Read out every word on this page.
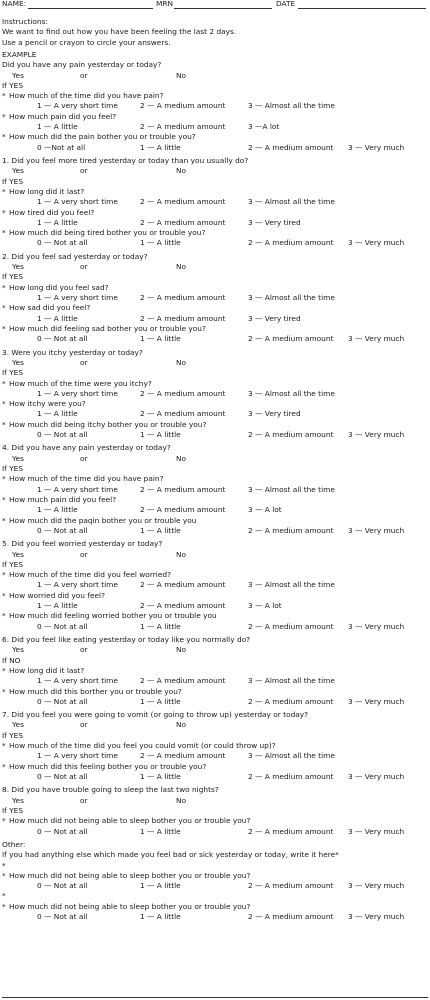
NAME:	MRN	DATE
Instructions:
We want to find out how you have been feeling the last 2 days.
Use a pencil or crayon to circle your answers.
EXAMPLE
Did you have any pain yesterday or today?
Yes	or	No
If YES
* How much of the time did you have pain?
1 — A very short time	2 — A medium amount	3 — Almost all the time
* How much pain did you feel?
1 — A little	2 — A medium amount	3 —A lot
* How much did the pain bother you or trouble you?
0 —Not at all	1 — A little	2 — A medium amount 3 — Very much
1. Did you feel more tired yesterday or today than you usually do?
Yes	or	No
If YES
* How long did it last?
1 — A very short time	2 — A medium amount	3 — Almost all the time
* How tired did you feel?
1 — A little	2 — A medium amount	3 — Very tired
* How much did being tired bother you or trouble you?
0 — Not at all	1 — A little	2 — A medium amount 3 — Very much
2. Did you feel sad yesterday or today?
Yes	or	No
If YES
* How long did you feel sad?
1 — A very short time	2 — A medium amount	3 — Almost all the time
* How sad did you feel?
1 — A little	2 — A medium amount	3 — Very tired
* How much did feeling sad bother you or trouble you?
0 — Not at all	1 — A little	2 — A medium amount 3 — Very much
3. Were you itchy yesterday or today?
Yes	or	No
If YES
* How much of the time were you itchy?
1 — A very short time	2 — A medium amount	3 — Almost all the time
* How itchy were you?
1 — A little	2 — A medium amount	3 — Very tired
* How much did being itchy bother you or trouble you?
0 — Not at all	1 — A little	2 — A medium amount 3 — Very much
4. Did you have any pain yesterday or today?
Yes	or	No
If YES
* How much of the time did you have pain?
1 — A very short time	2 — A medium amount	3 — Almost all the time
* How much pain did you feel?
1 — A little	2 — A medium amount	3 — A lot
* How much did the paqin bother you or trouble you
0 — Not at all	1 — A little	2 — A medium amount 3 — Very much
5. Did you feel worried yesterday or today?
Yes	or	No
If YES
* How much of the time did you feel worried?
1 — A very short time	2 — A medium amount	3 — Almost all the time
* How worried did you feel?
1 — A little	2 — A medium amount	3 — A lot
* How much did feeling worried bother you or trouble you
0 — Not at all	1 — A little	2 — A medium amount 3 — Very much
6. Did you feel like eating yesterday or today like you normally do?
Yes	or	No
If NO
* How long did it last?
1 — A very short time	2 — A medium amount	3 — Almost all the time
* How much did this borther you or trouble you?
0 — Not at all	1 — A little	2 — A medium amount 3 — Very much
7. Did you feel you were going to vomit (or going to throw up) yesterday or today?
Yes	or	No
If YES
* How much of the time did you feel you could vomit (or could throw up)?
1 — A very short time	2 — A medium amount	3 — Almost all the time
* How much did this feeling bother you or trouble you?
0 — Not at all	1 — A little	2 — A medium amount 3 — Very much
8. Did you have trouble going to sleep the last two nights?
Yes	or	No
If YES
* How much did not being able to sleep bother you or trouble you?
0 — Not at all	1 — A little	2 — A medium amount 3 — Very much
Other:
If you had anything else which made you feel bad or sick yesterday or today, write it here*
*
* How much did not being able to sleep bother you or trouble you?
0 — Not at all	1 — A little	2 — A medium amount 3 — Very much
*
* How much did not being able to sleep bother you or trouble you?
0 — Not at all	1 — A little	2 — A medium amount 3 — Very much
